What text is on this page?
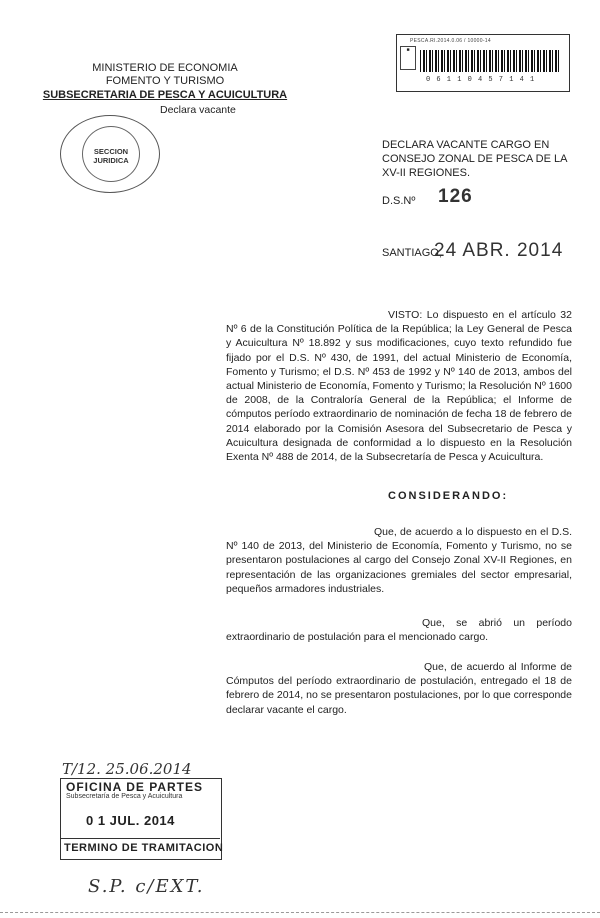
MINISTERIO DE ECONOMIA
FOMENTO Y TURISMO
SUBSECRETARIA DE PESCA Y ACUICULTURA
Declara vacante
SECCION JURIDICA
PESCA.RI.2014.0.06 / 10000-14
■
0 6 1 1 0 4 5 7 1 4 1
DECLARA VACANTE CARGO EN CONSEJO ZONAL DE PESCA DE LA XV-II REGIONES.
D.S.Nº 126
SANTIAGO,
24 ABR. 2014
VISTO: Lo dispuesto en el artículo 32 Nº 6 de la Constitución Política de la República; la Ley General de Pesca y Acuicultura Nº 18.892 y sus modificaciones, cuyo texto refundido fue fijado por el D.S. Nº 430, de 1991, del actual Ministerio de Economía, Fomento y Turismo; el D.S. Nº 453 de 1992 y Nº 140 de 2013, ambos del actual Ministerio de Economía, Fomento y Turismo; la Resolución Nº 1600 de 2008, de la Contraloría General de la República; el Informe de cómputos período extraordinario de nominación de fecha 18 de febrero de 2014 elaborado por la Comisión Asesora del Subsecretario de Pesca y Acuicultura designada de conformidad a lo dispuesto en la Resolución Exenta Nº 488 de 2014, de la Subsecretaría de Pesca y Acuicultura.
CONSIDERANDO:
Que, de acuerdo a lo dispuesto en el D.S. Nº 140 de 2013, del Ministerio de Economía, Fomento y Turismo, no se presentaron postulaciones al cargo del Consejo Zonal XV-II Regiones, en representación de las organizaciones gremiales del sector empresarial, pequeños armadores industriales.
Que, se abrió un período extraordinario de postulación para el mencionado cargo.
Que, de acuerdo al Informe de Cómputos del período extraordinario de postulación, entregado el 18 de febrero de 2014, no se presentaron postulaciones, por lo que corresponde declarar vacante el cargo.
T/12. 25.06.2014
OFICINA DE PARTES
Subsecretaría de Pesca y Acuicultura
0 1 JUL. 2014
TERMINO DE TRAMITACION
S.P. c/EXT.
